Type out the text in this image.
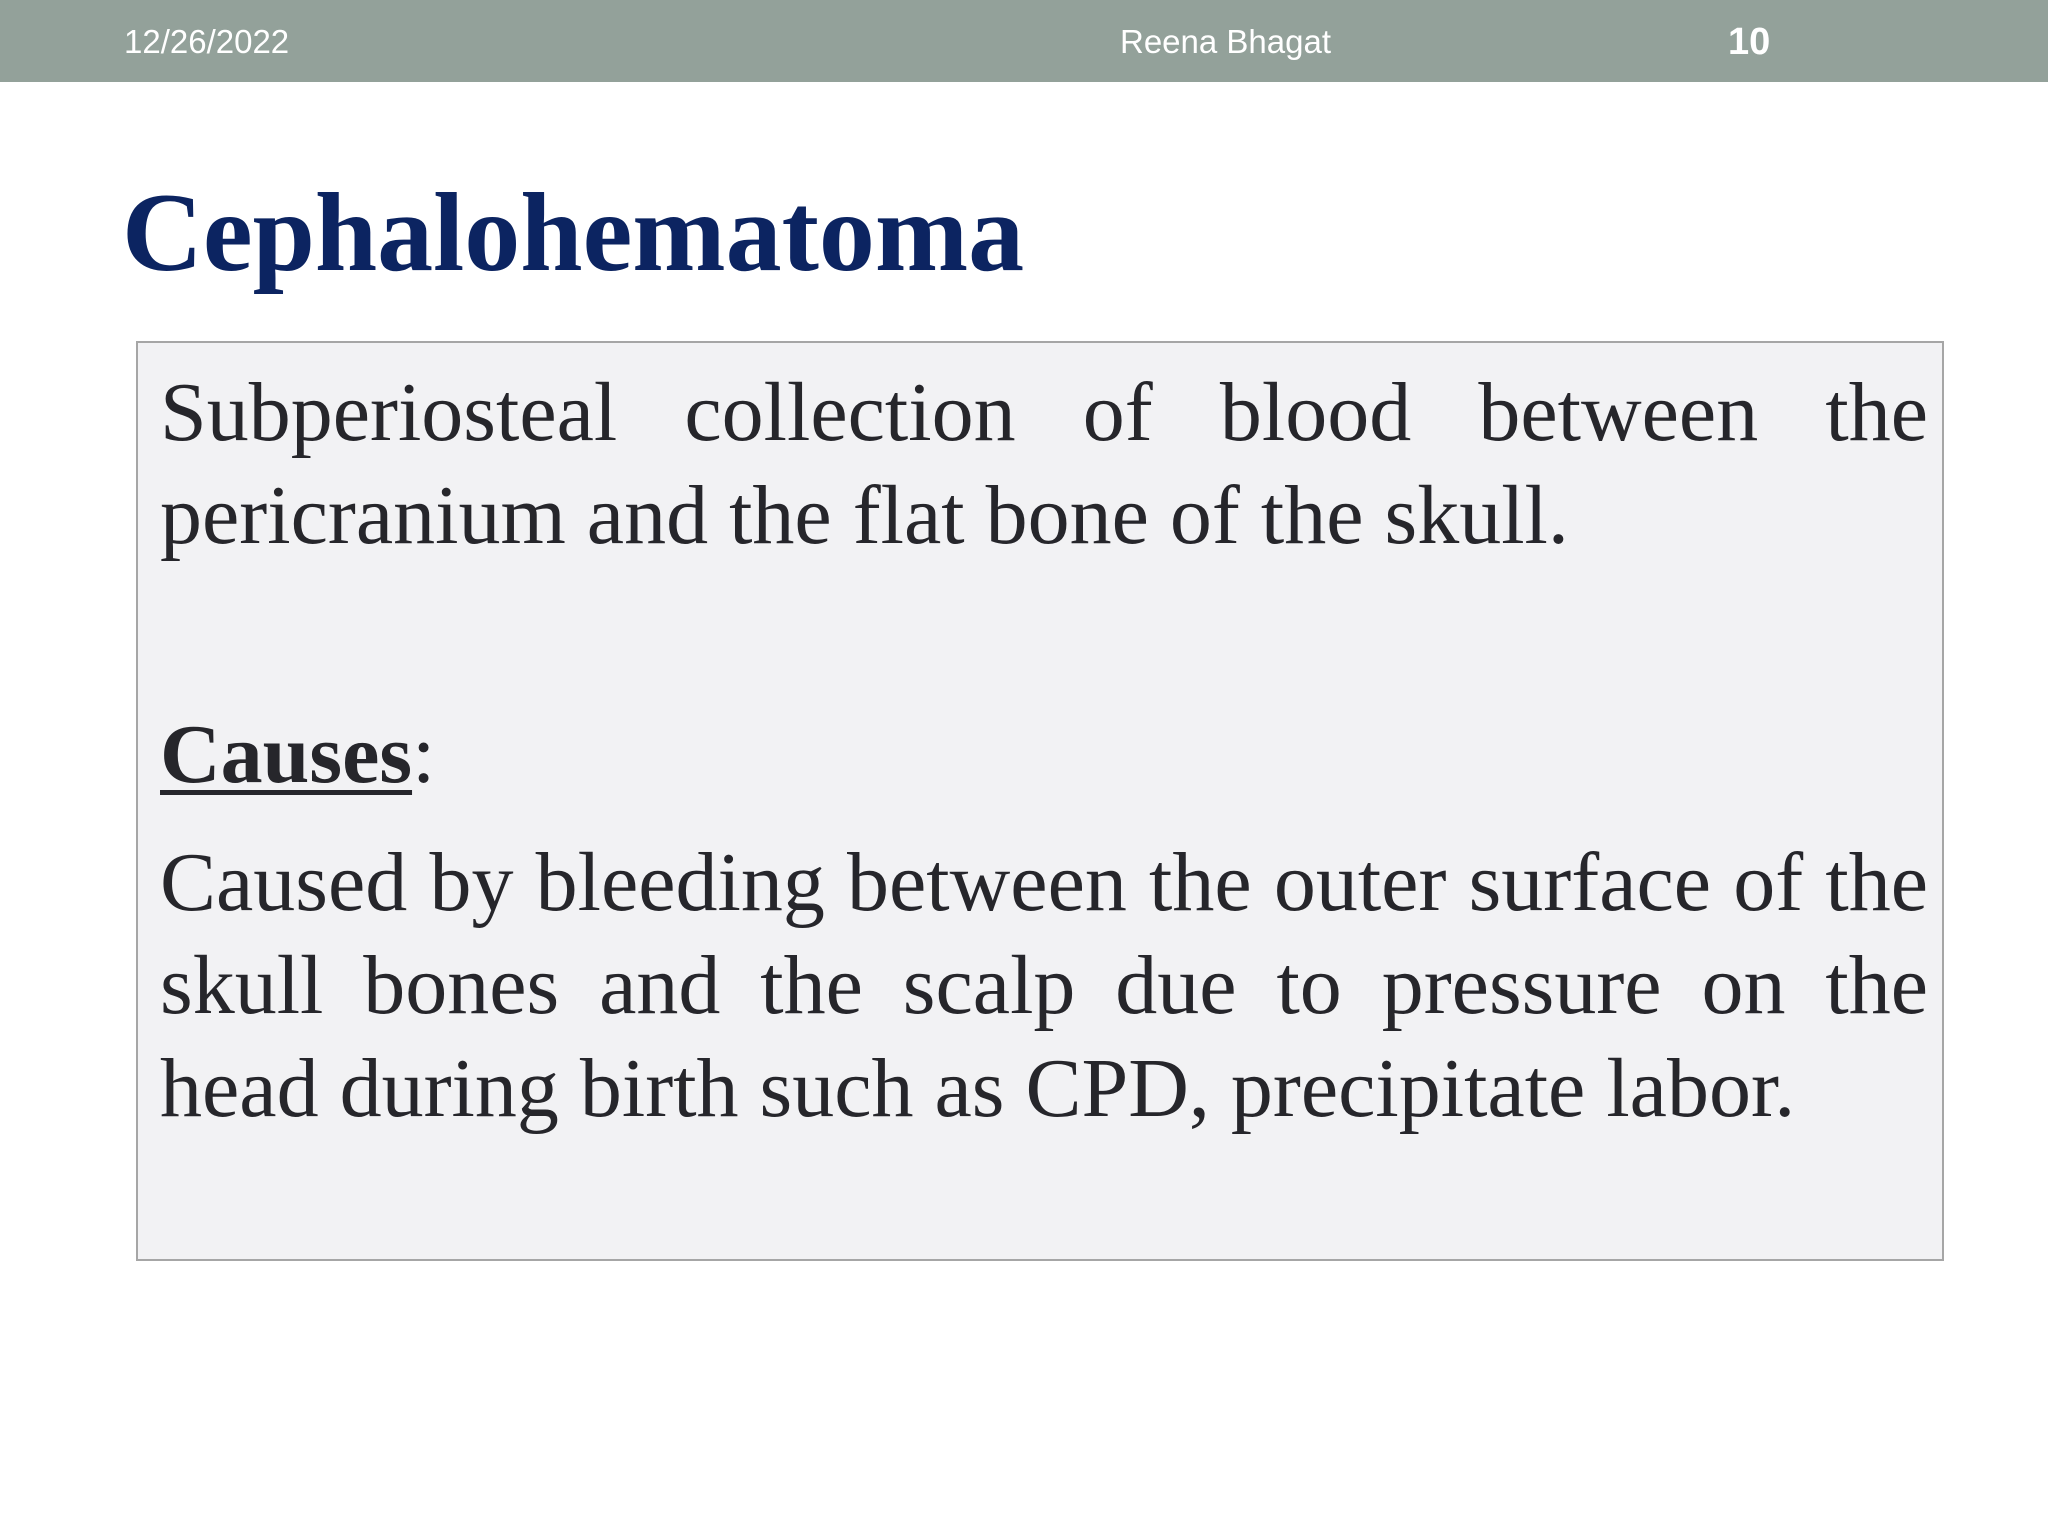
12/26/2022	Reena Bhagat	10
Cephalohematoma

Subperiosteal collection of blood between the pericranium and the flat bone of the skull.

Causes:

Caused by bleeding between the outer surface of the skull bones and the scalp due to pressure on the head during birth such as CPD, precipitate labor.
